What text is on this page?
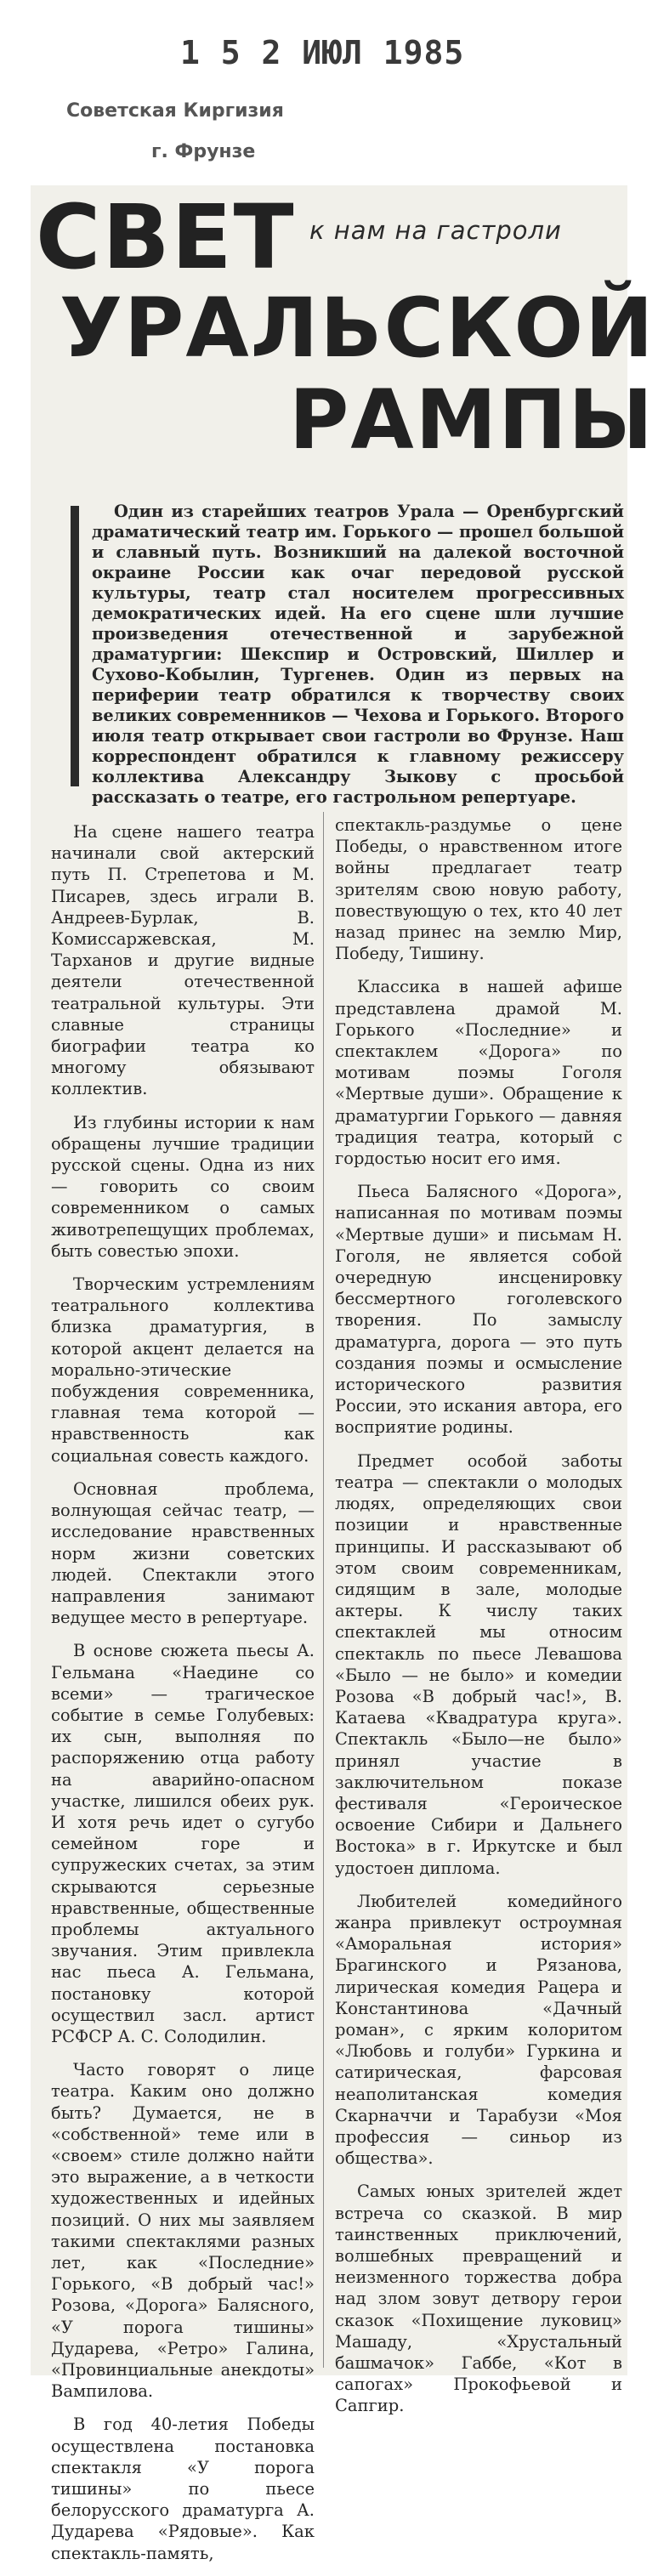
1 5 2 ИЮЛ 1985
Советская Киргизия
г. Фрунзе
СВЕТ к нам на гастроли
УРАЛЬСКОЙ
РАМПЫ

Один из старейших театров Урала — Оренбургский драматический театр им. Горького — прошел большой и славный путь. Возникший на далекой восточной окраине России как очаг передовой русской культуры, театр стал носителем прогрессивных демократических идей. На его сцене шли лучшие произведения отечественной и зарубежной драматургии: Шекспир и Островский, Шиллер и Сухово-Кобылин, Тургенев. Один из первых на периферии театр обратился к творчеству своих великих современников — Чехова и Горького. Второго июля театр открывает свои гастроли во Фрунзе. Наш корреспондент обратился к главному режиссеру коллектива Александру Зыкову с просьбой рассказать о театре, его гастрольном репертуаре.

На сцене нашего театра начинали свой актерский путь П. Стрепетова и М. Писарев, здесь играли В. Андреев-Бурлак, В. Комиссаржевская, М. Тарханов и другие видные деятели отечественной театральной культуры. Эти славные страницы биографии театра ко многому обязывают коллектив.

Из глубины истории к нам обращены лучшие традиции русской сцены. Одна из них — говорить со своим современником о самых животрепещущих проблемах, быть совестью эпохи.

Творческим устремлениям театрального коллектива близка драматургия, в которой акцент делается на морально-этические побуждения современника, главная тема которой — нравственность как социальная совесть каждого.

Основная проблема, волнующая сейчас театр, — исследование нравственных норм жизни советских людей. Спектакли этого направления занимают ведущее место в репертуаре.

В основе сюжета пьесы А. Гельмана «Наедине со всеми» — трагическое событие в семье Голубевых: их сын, выполняя по распоряжению отца работу на аварийно-опасном участке, лишился обеих рук. И хотя речь идет о сугубо семейном горе и супружеских счетах, за этим скрываются серьезные нравственные, общественные проблемы актуального звучания. Этим привлекла нас пьеса А. Гельмана, постановку которой осуществил засл. артист РСФСР А. С. Солодилин.

Часто говорят о лице театра. Каким оно должно быть? Думается, не в «собственной» теме или в «своем» стиле должно найти это выражение, а в четкости художественных и идейных позиций. О них мы заявляем такими спектаклями разных лет, как «Последние» Горького, «В добрый час!» Розова, «Дорога» Балясного, «У порога тишины» Дударева, «Ретро» Галина, «Провинциальные анекдоты» Вампилова.

В год 40-летия Победы осуществлена постановка спектакля «У порога тишины» по пьесе белорусского драматурга А. Дударева «Рядовые». Как спектакль-память,

спектакль-раздумье о цене Победы, о нравственном итоге войны предлагает театр зрителям свою новую работу, повествующую о тех, кто 40 лет назад принес на землю Мир, Победу, Тишину.

Классика в нашей афише представлена драмой М. Горького «Последние» и спектаклем «Дорога» по мотивам поэмы Гоголя «Мертвые души». Обращение к драматургии Горького — давняя традиция театра, который с гордостью носит его имя.

Пьеса Балясного «Дорога», написанная по мотивам поэмы «Мертвые души» и письмам Н. Гоголя, не является собой очередную инсценировку бессмертного гоголевского творения. По замыслу драматурга, дорога — это путь создания поэмы и осмысление исторического развития России, это искания автора, его восприятие родины.

Предмет особой заботы театра — спектакли о молодых людях, определяющих свои позиции и нравственные принципы. И рассказывают об этом своим современникам, сидящим в зале, молодые актеры. К числу таких спектаклей мы относим спектакль по пьесе Левашова «Было — не было» и комедии Розова «В добрый час!», В. Катаева «Квадратура круга». Спектакль «Было—не было» принял участие в заключительном показе фестиваля «Героическое освоение Сибири и Дальнего Востока» в г. Иркутске и был удостоен диплома.

Любителей комедийного жанра привлекут остроумная «Аморальная история» Брагинского и Рязанова, лирическая комедия Рацера и Константинова «Дачный роман», с ярким колоритом «Любовь и голуби» Гуркина и сатирическая, фарсовая неаполитанская комедия Скарначчи и Тарабузи «Моя профессия — синьор из общества».

Самых юных зрителей ждет встреча со сказкой. В мир таинственных приключений, волшебных превращений и неизменного торжества добра над злом зовут детвору герои сказок «Похищение луковиц» Машаду, «Хрустальный башмачок» Габбе, «Кот в сапогах» Прокофьевой и Сапгир.
